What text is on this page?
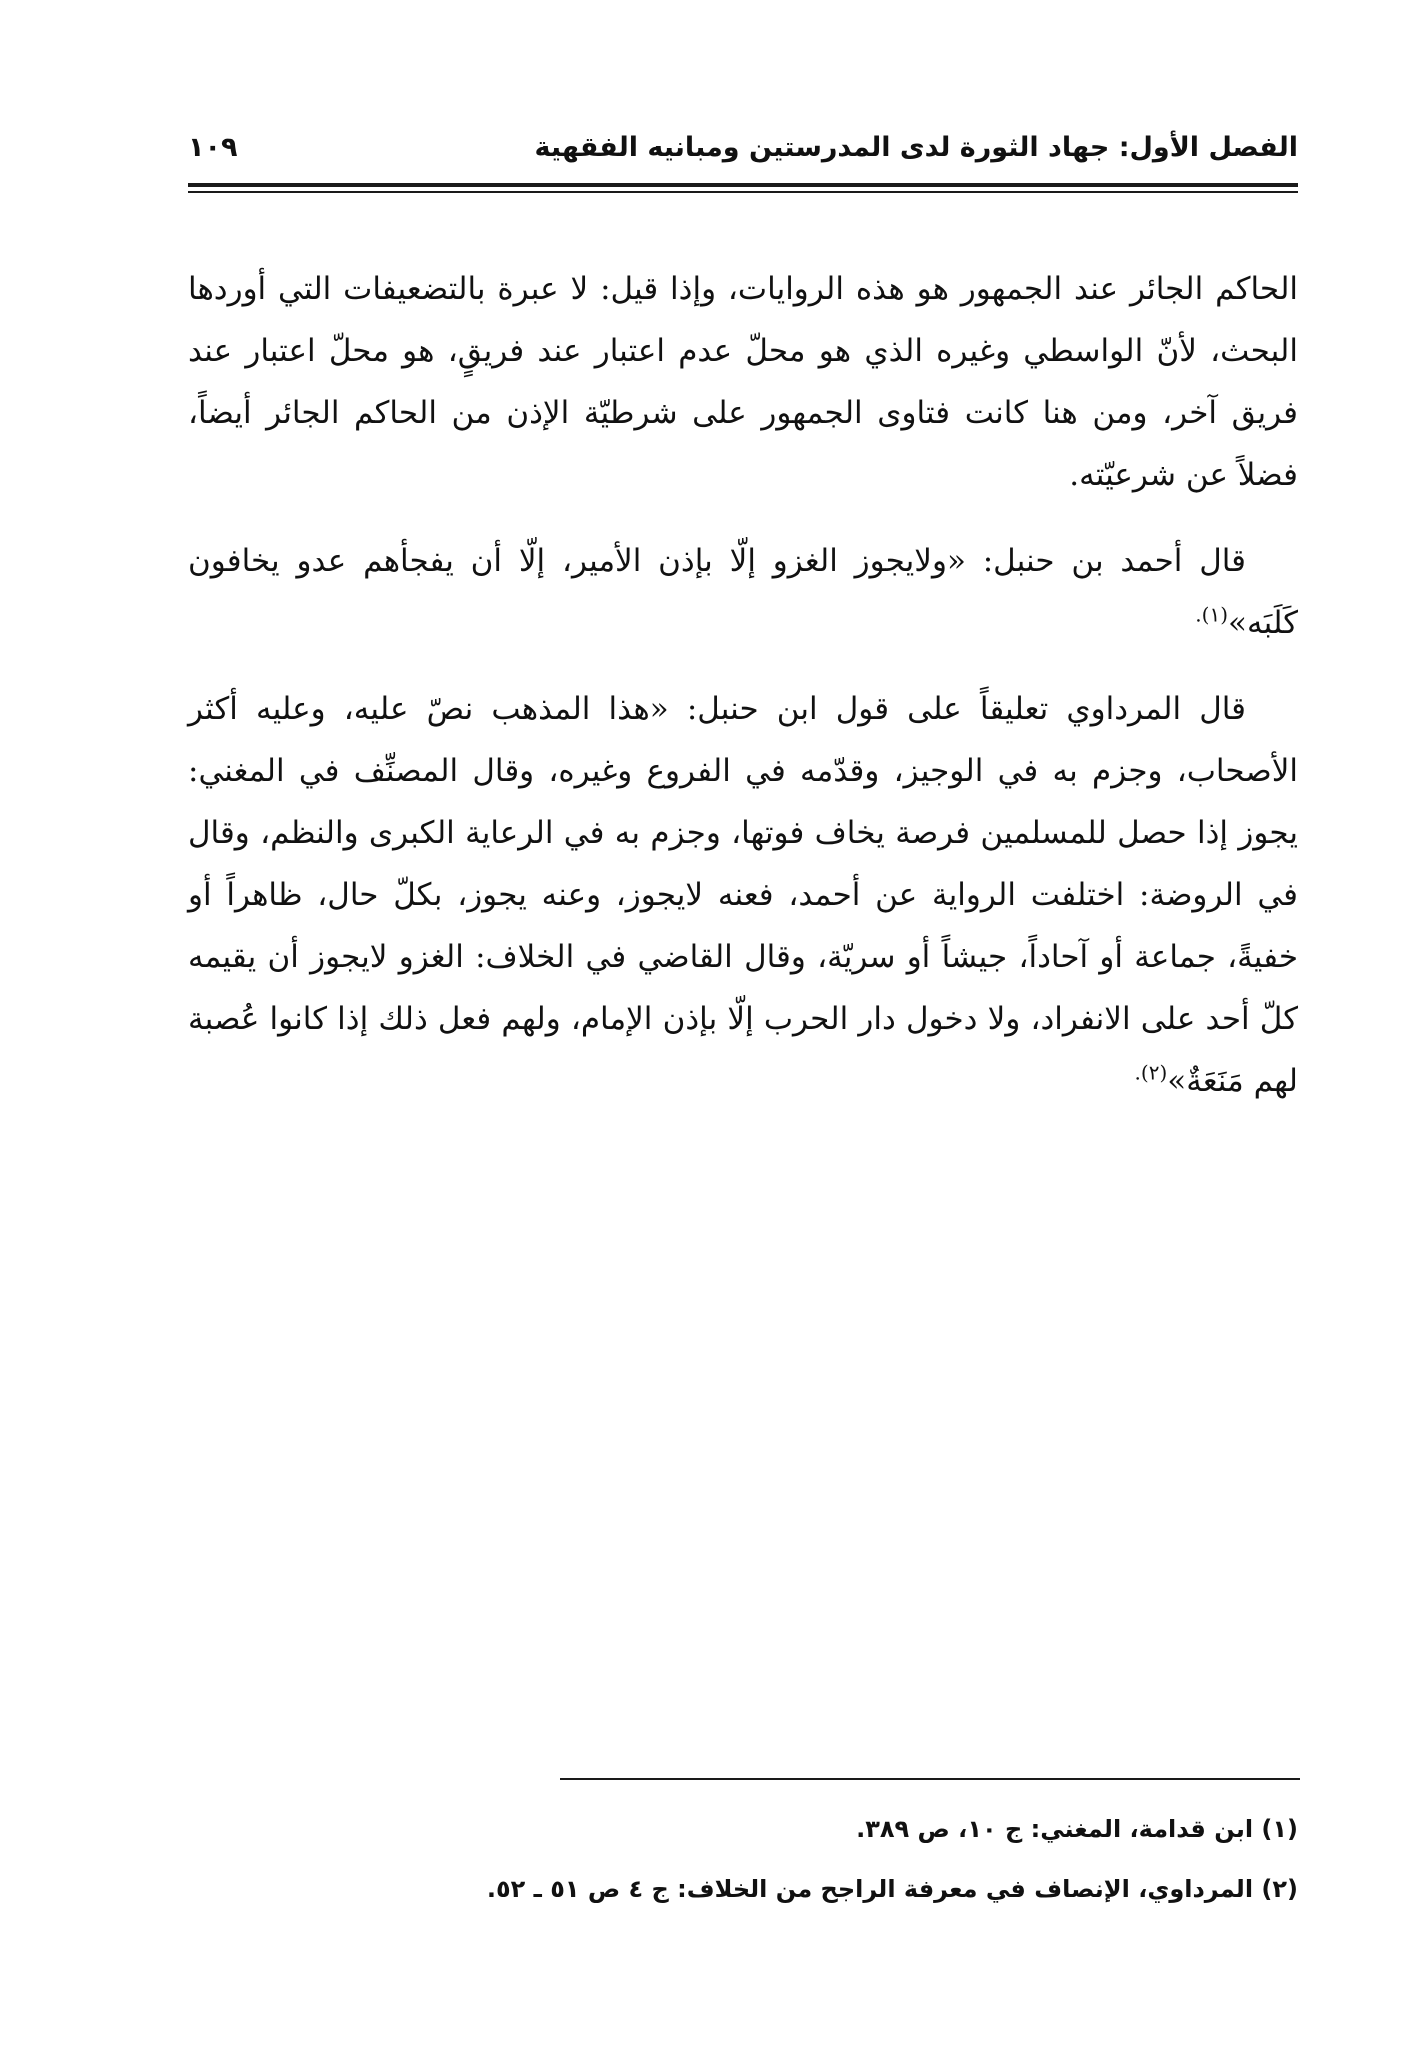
الفصل الأول: جهاد الثورة لدى المدرستين ومبانيه الفقهية
١٠٩

الحاكم الجائر عند الجمهور هو هذه الروايات، وإذا قيل: لا عبرة بالتضعيفات التي أوردها البحث، لأنّ الواسطي وغيره الذي هو محلّ عدم اعتبار عند فريقٍ، هو محلّ اعتبار عند فريق آخر، ومن هنا كانت فتاوى الجمهور على شرطيّة الإذن من الحاكم الجائر أيضاً، فضلاً عن شرعيّته.

قال أحمد بن حنبل: «ولايجوز الغزو إلّا بإذن الأمير، إلّا أن يفجأهم عدو يخافون كَلَبَه»$^{(١).}$

قال المرداوي تعليقاً على قول ابن حنبل: «هذا المذهب نصّ عليه، وعليه أكثر الأصحاب، وجزم به في الوجيز، وقدّمه في الفروع وغيره، وقال المصنِّف في المغني: يجوز إذا حصل للمسلمين فرصة يخاف فوتها، وجزم به في الرعاية الكبرى والنظم، وقال في الروضة: اختلفت الرواية عن أحمد، فعنه لايجوز، وعنه يجوز، بكلّ حال، ظاهراً أو خفيةً، جماعة أو آحاداً، جيشاً أو سريّة، وقال القاضي في الخلاف: الغزو لايجوز أن يقيمه كلّ أحد على الانفراد، ولا دخول دار الحرب إلّا بإذن الإمام، ولهم فعل ذلك إذا كانوا عُصبة لهم مَنَعَةٌ»$^{(٢).}$

(١) ابن قدامة، المغني: ج ١٠، ص ٣٨٩.
(٢) المرداوي، الإنصاف في معرفة الراجح من الخلاف: ج ٤ ص ٥١ ـ ٥٢.
